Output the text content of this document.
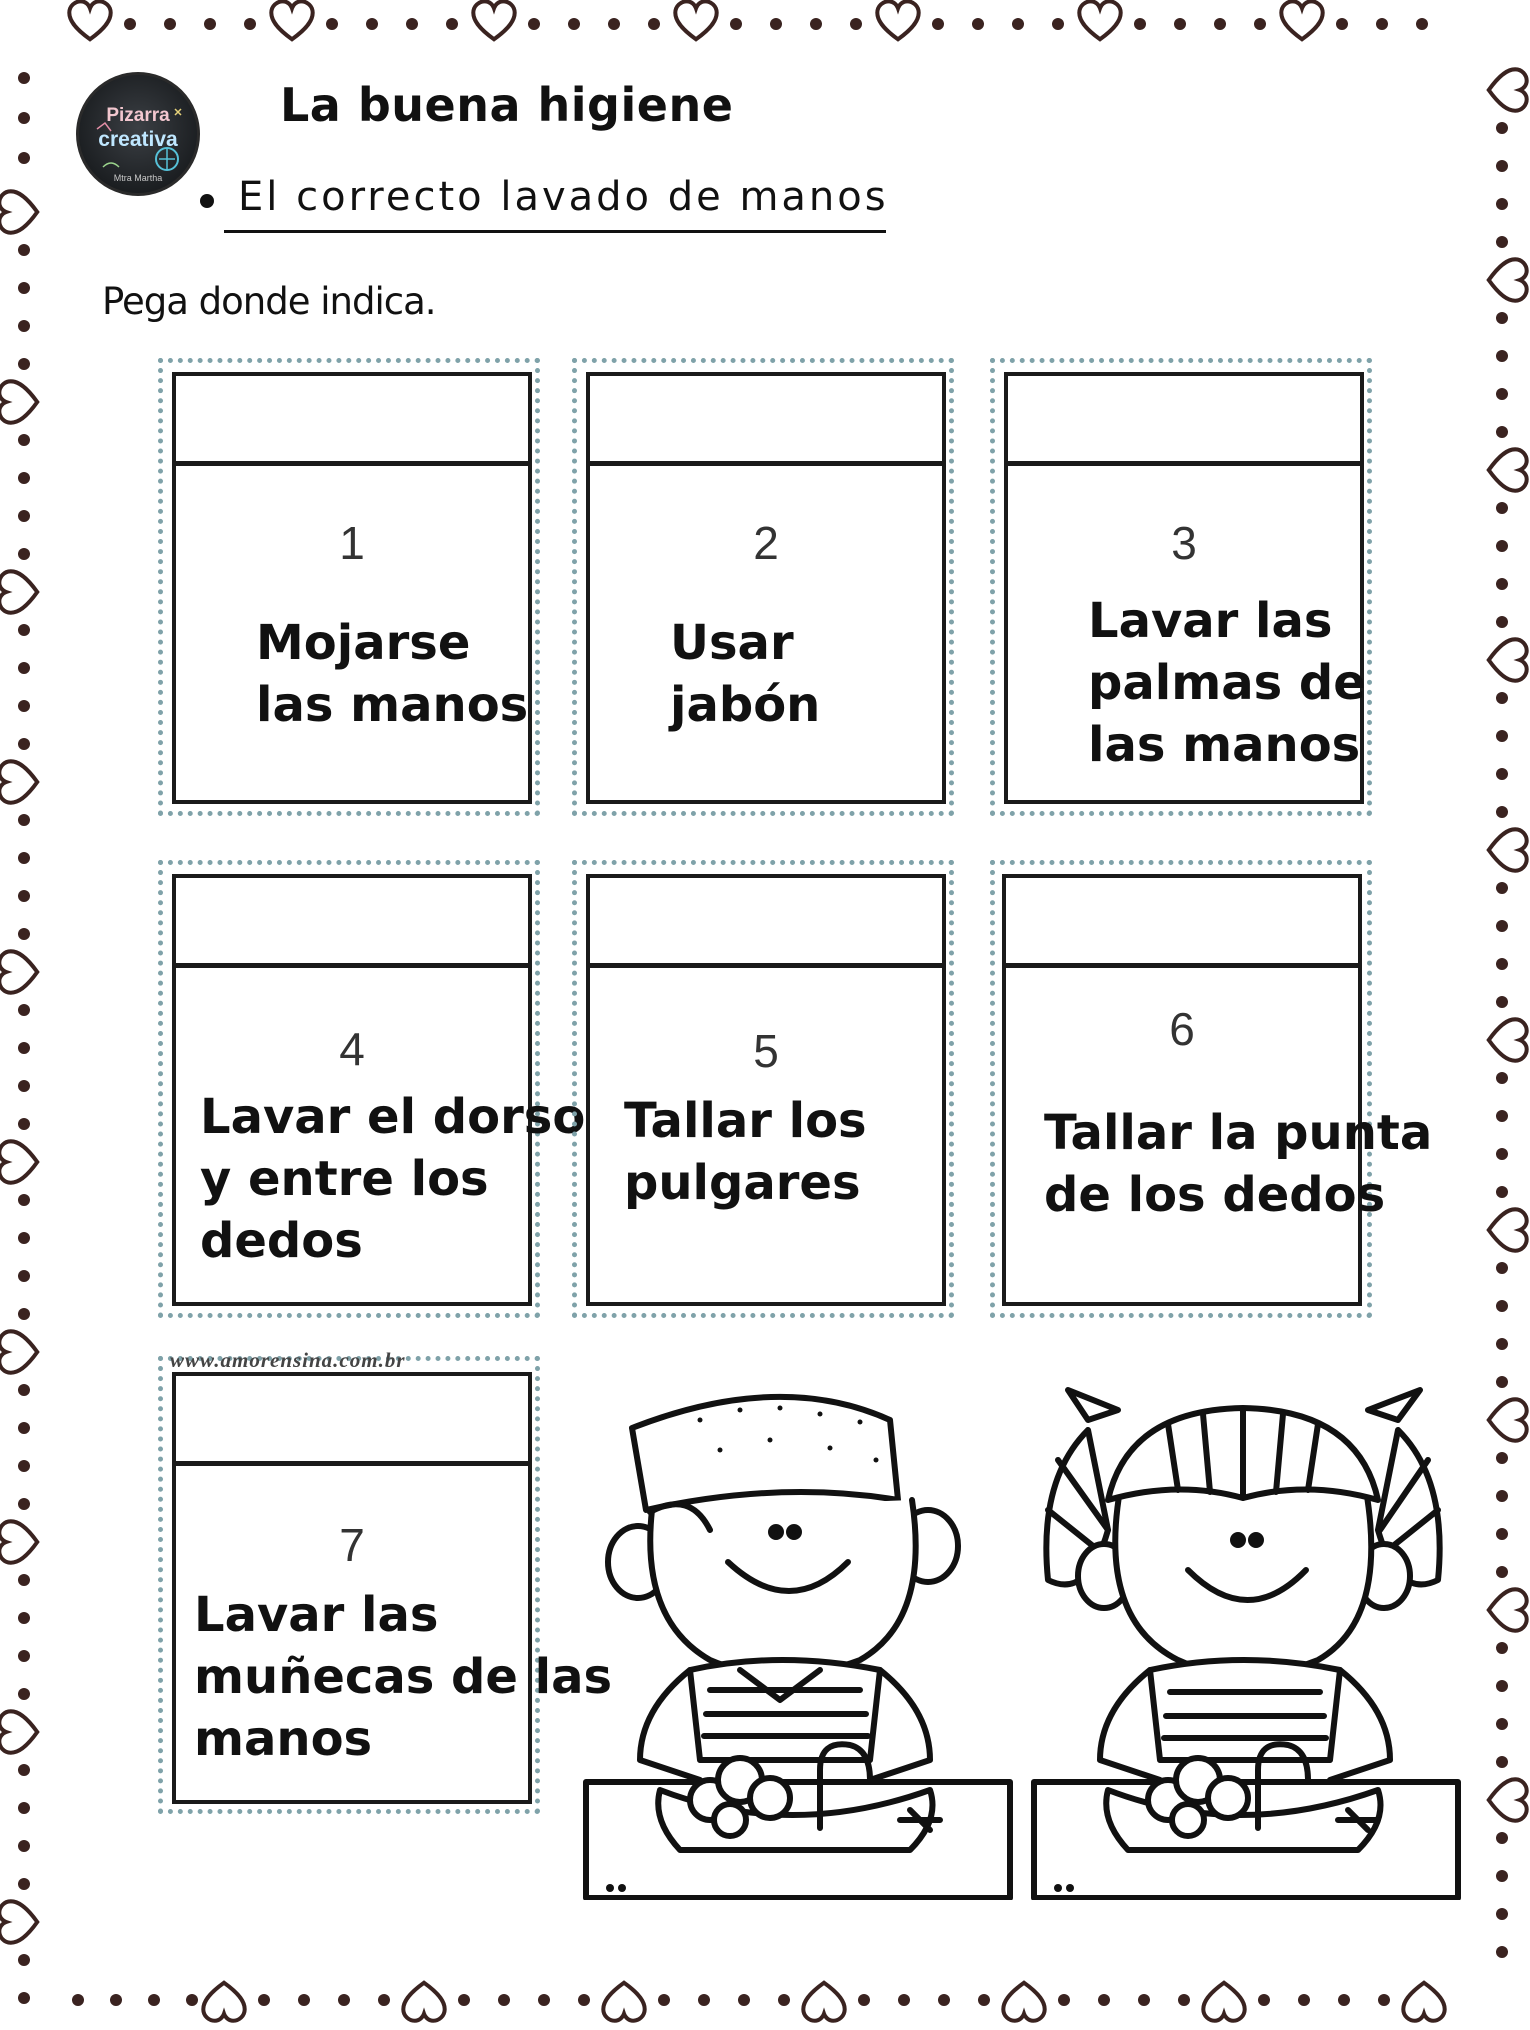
Pizarra
creativa
Mtra Martha
La buena higiene
El correcto lavado de manos
Pega donde indica.
1
Mojarse
las manos
2
Usar
jabón
3
Lavar las
palmas de
las manos
4
Lavar el dorso
y entre los
dedos
5
Tallar los
pulgares
6
Tallar la punta
de los dedos
7
Lavar las
muñecas de las
manos
www.amorensina.com.br
